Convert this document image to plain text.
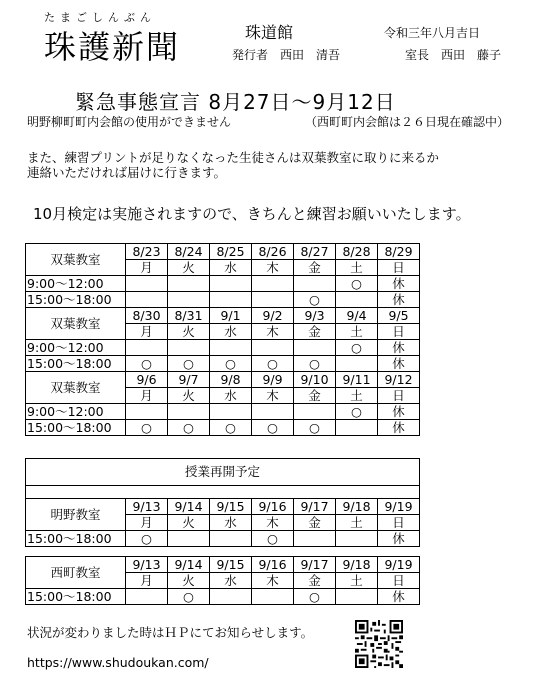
たまごしんぶん
珠護新聞	珠道館	令和三年八月吉日
発行者　西田　清吾	室長　西田　藤子
緊急事態宣言 8月27日〜9月12日
明野柳町町内会館の使用ができません	（西町町内会館は２６日現在確認中）
また、練習プリントが足りなくなった生徒さんは双葉教室に取りに来るか
連絡いただければ届けに行きます。
10月検定は実施されますので、きちんと練習お願いいたします。
双葉教室	8/23	8/24	8/25	8/26	8/27	8/28	8/29
	月	火	水	木	金	土	日
9:00〜12:00						○	休
15:00〜18:00					○		休
双葉教室	8/30	8/31	9/1	9/2	9/3	9/4	9/5
	月	火	水	木	金	土	日
9:00〜12:00						○	休
15:00〜18:00	○	○	○	○	○		休
双葉教室	9/6	9/7	9/8	9/9	9/10	9/11	9/12
	月	火	水	木	金	土	日
9:00〜12:00						○	休
15:00〜18:00	○	○	○	○	○		休
授業再開予定							

明野教室	9/13	9/14	9/15	9/16	9/17	9/18	9/19
	月	火	水	木	金	土	日
15:00〜18:00	○			○			休
西町教室	9/13	9/14	9/15	9/16	9/17	9/18	9/19
	月	火	水	木	金	土	日
15:00〜18:00		○			○		休
状況が変わりました時はＨＰにてお知らせします。
https://www.shudoukan.com/
